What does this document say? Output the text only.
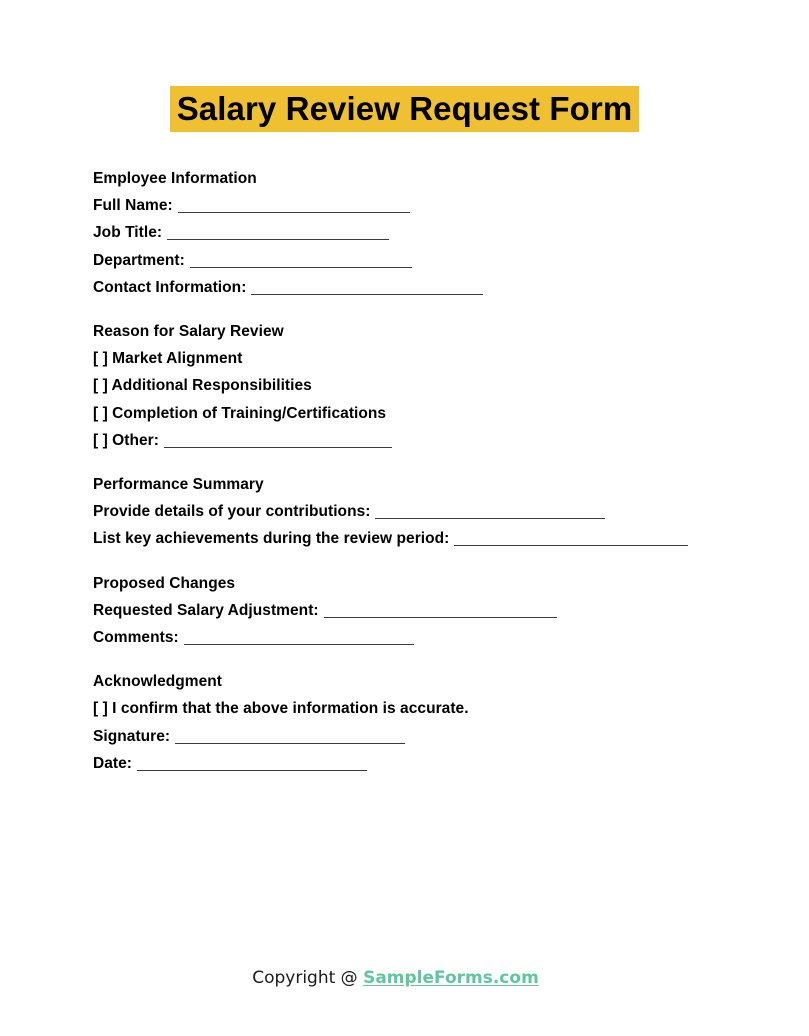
Salary Review Request Form
Employee Information
Full Name:
Job Title:
Department:
Contact Information:
Reason for Salary Review
[ ] Market Alignment
[ ] Additional Responsibilities
[ ] Completion of Training/Certifications
[ ] Other:
Performance Summary
Provide details of your contributions:
List key achievements during the review period:
Proposed Changes
Requested Salary Adjustment:
Comments:
Acknowledgment
[ ] I confirm that the above information is accurate.
Signature:
Date:
Copyright @ SampleForms.com
